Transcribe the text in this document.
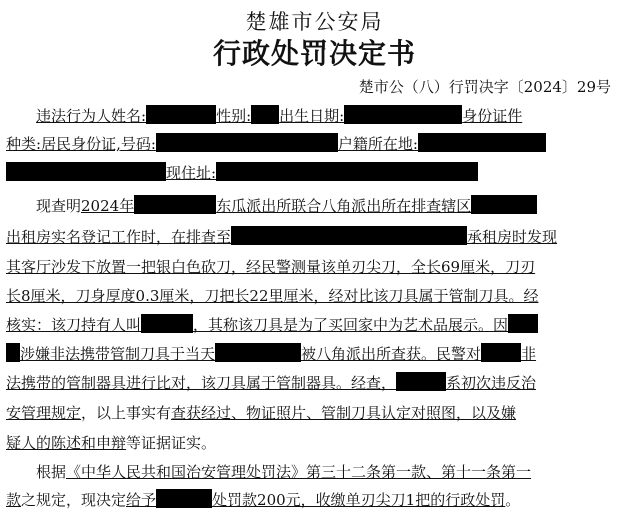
楚雄市公安局
行政处罚决定书
楚市公（八）行罚决字〔2024〕29号
违法行为人姓名:	性别: 出生日期:	身份证件
种类:居民身份证,号码:	户籍所在地:
现住址:
现查明2024年	东瓜派出所联合八角派出所在排查辖区
出租房实名登记工作时，在排查至	承租房时发现
其客厅沙发下放置一把银白色砍刀，经民警测量该单刃尖刀，全长69厘米，刀刃
长8厘米，刀身厚度0.3厘米，刀把长22里厘米，经对比该刀具属于管制刀具。经
核实：该刀持有人叫	，其称该刀具是为了买回家中为艺术品展示。因
涉嫌非法携带管制刀具于当天	被八角派出所查获。民警对	非
法携带的管制器具进行比对，该刀具属于管制器具。经查，	系初次违反治
安管理规定，以上事实有查获经过、物证照片、管制刀具认定对照图，以及嫌
疑人的陈述和申辩等证据证实。
根据《中华人民共和国治安管理处罚法》第三十二条第一款、第十一条第一
款之规定，现决定给予	处罚款200元，收缴单刃尖刀1把的行政处罚。
